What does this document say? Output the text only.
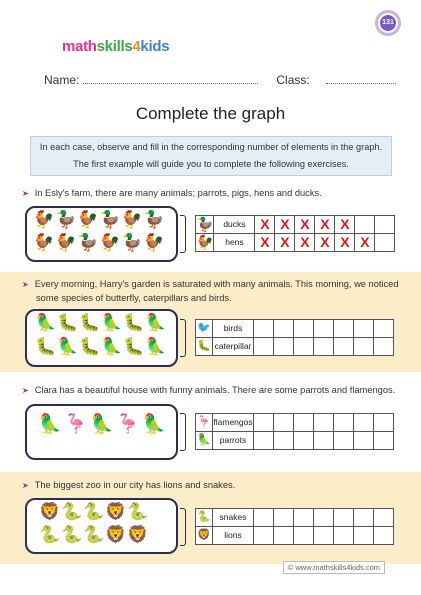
mathskills4kids
131
Name:	Class:
Complete the graph
In each case, observe and fill in the corresponding number of elements in the graph.
The first example will guide you to complete the following exercises.
➤ In Esly's farm, there are many animals; parrots, pigs, hens and ducks.
🐓🦆🐓🦆🐓🦆
🐓🐓🦆🐓🦆🐓
🦆	ducks	X	X	X	X	X		
🐓	hens	X	X	X	X	X	X	
➤ Every morning, Harry's garden is saturated with many animals. This morning, we noticed
some species of butterfly, caterpillars and birds.
🦜🐛🐛🦜🐛🦜
🐛🦜🐛🦜🐛🦜
🐦	birds							
🐛	caterpillar							
➤ Clara has a beautiful house with funny animals. There are some parrots and flamengos.
🦜 🦩 🦜 🦩 🦜	🦩	flamengos							
🦜	parrots							
➤ The biggest zoo in our city has lions and snakes.
🦁🐍🐍🦁🐍
🐍🐍🐍🦁🦁
🐍	snakes							
🦁	lions							
© www.mathskills4kids.com
